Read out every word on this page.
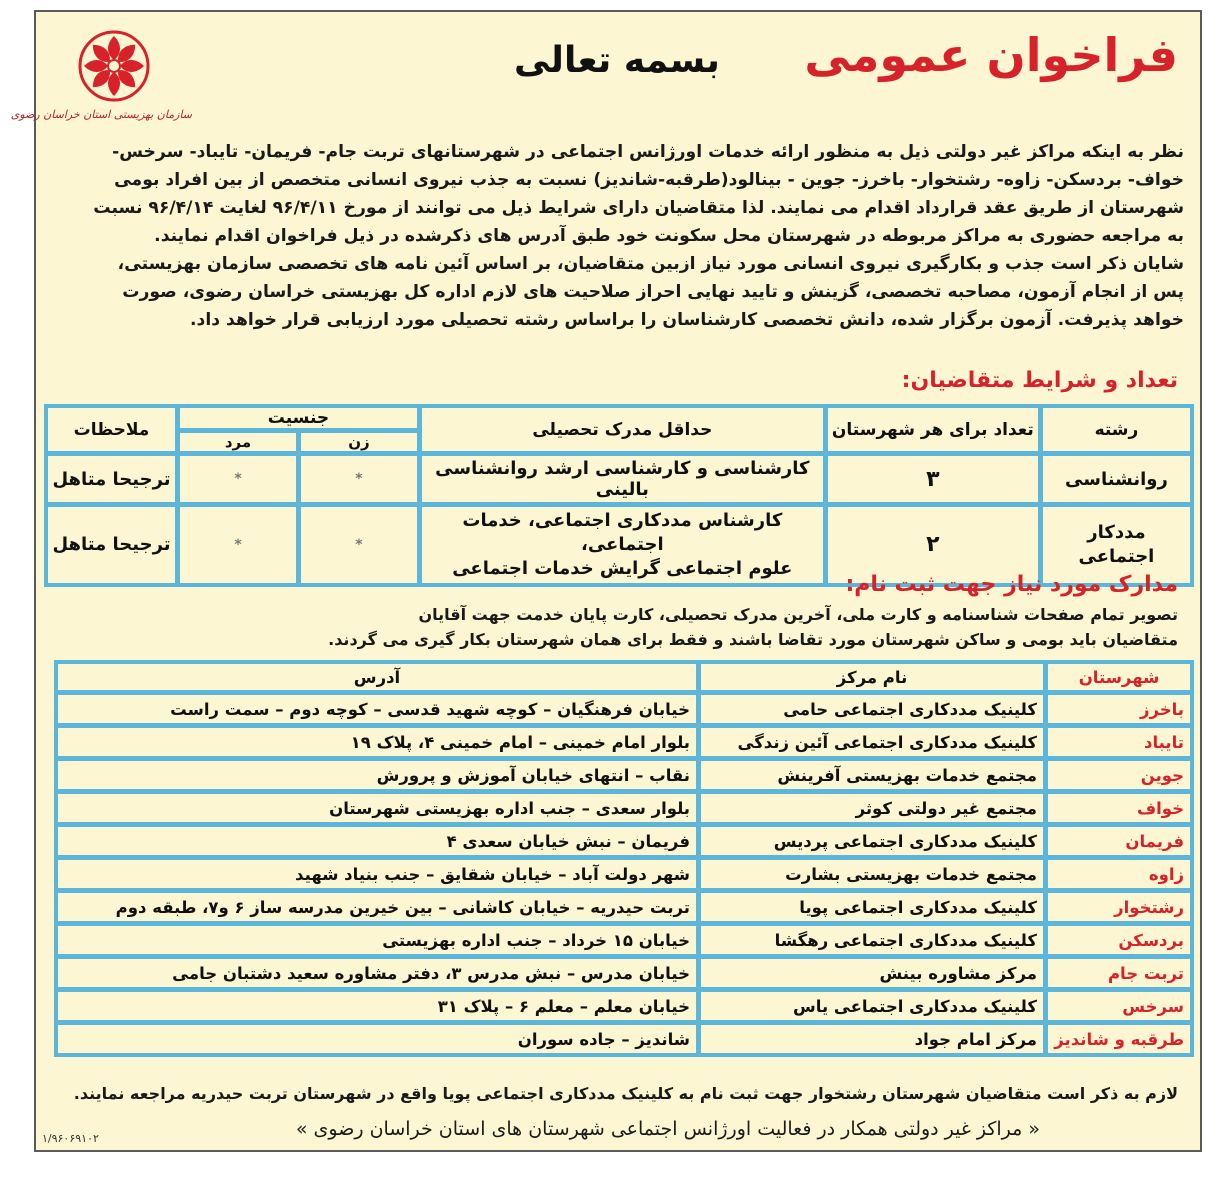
سازمان بهزیستی استان خراسان رضوی
فراخوان عمومی
بسمه تعالی
نظر به اینکه مراکز غیر دولتی ذیل به منظور ارائه خدمات اورژانس اجتماعی در شهرستانهای تربت جام- فریمان- تایباد- سرخس-
خواف- بردسکن- زاوه- رشتخوار- باخرز- جوین - بینالود(طرقبه-شاندیز) نسبت به جذب نیروی انسانی متخصص از بین افراد بومی
شهرستان از طریق عقد قرارداد اقدام می نمایند. لذا متقاضیان دارای شرایط ذیل می توانند از مورخ ۹۶/۴/۱۱ لغایت ۹۶/۴/۱۴ نسبت
به مراجعه حضوری به مراکز مربوطه در شهرستان محل سکونت خود طبق آدرس های ذکرشده در ذیل فراخوان اقدام نمایند.
شایان ذکر است جذب و بکارگیری نیروی انسانی مورد نیاز ازبین متقاضیان، بر اساس آئین نامه های تخصصی سازمان بهزیستی،
پس از انجام آزمون، مصاحبه تخصصی، گزینش و تایید نهایی احراز صلاحیت های لازم اداره کل بهزیستی خراسان رضوی، صورت
خواهد پذیرفت. آزمون برگزار شده، دانش تخصصی کارشناسان را براساس رشته تحصیلی مورد ارزیابی قرار خواهد داد.
تعداد و شرایط متقاضیان:
رشته	تعداد برای هر شهرستان	حداقل مدرک تحصیلی	جنسیت		ملاحظات
			زن	مرد	
روانشناسی	۳	کارشناسی و کارشناسی ارشد روانشناسی بالینی	*	*	ترجیحا متاهل
مددکار اجتماعی	۲	کارشناس مددکاری اجتماعی، خدمات اجتماعی،
علوم اجتماعی گرایش خدمات اجتماعی	*	*	ترجیحا متاهل
مدارک مورد نیاز جهت ثبت نام:
تصویر تمام صفحات شناسنامه و کارت ملی، آخرین مدرک تحصیلی، کارت پایان خدمت جهت آقایان
متقاضیان باید بومی و ساکن شهرستان مورد تقاضا باشند و فقط برای همان شهرستان بکار گیری می گردند.
شهرستان	نام مرکز	آدرس
باخرز	کلینیک مددکاری اجتماعی حامی	خیابان فرهنگیان – کوچه شهید قدسی – کوچه دوم – سمت راست
تایباد	کلینیک مددکاری اجتماعی آئین زندگی	بلوار امام خمینی – امام خمینی ۴، پلاک ۱۹
جوین	مجتمع خدمات بهزیستی آفرینش	نقاب – انتهای خیابان آموزش و پرورش
خواف	مجتمع غیر دولتی کوثر	بلوار سعدی – جنب اداره بهزیستی شهرستان
فریمان	کلینیک مددکاری اجتماعی پردیس	فریمان – نبش خیابان سعدی ۴
زاوه	مجتمع خدمات بهزیستی بشارت	شهر دولت آباد – خیابان شقایق – جنب بنیاد شهید
رشتخوار	کلینیک مددکاری اجتماعی پویا	تربت حیدریه – خیابان کاشانی – بین خیرین مدرسه ساز ۶ و۷، طبقه دوم
بردسکن	کلینیک مددکاری اجتماعی رهگشا	خیابان ۱۵ خرداد – جنب اداره بهزیستی
تربت جام	مرکز مشاوره بینش	خیابان مدرس – نبش مدرس ۳، دفتر مشاوره سعید دشتبان جامی
سرخس	کلینیک مددکاری اجتماعی یاس	خیابان معلم – معلم ۶ – پلاک ۳۱
طرقبه و شاندیز	مرکز امام جواد	شاندیز – جاده سوران
لازم به ذکر است متقاضیان شهرستان رشتخوار جهت ثبت نام به کلینیک مددکاری اجتماعی پویا واقع در شهرستان تربت حیدریه مراجعه نمایند.
« مراکز غیر دولتی همکار در فعالیت اورژانس اجتماعی شهرستان های استان خراسان رضوی »
۱/۹۶۰۶۹۱۰۲
